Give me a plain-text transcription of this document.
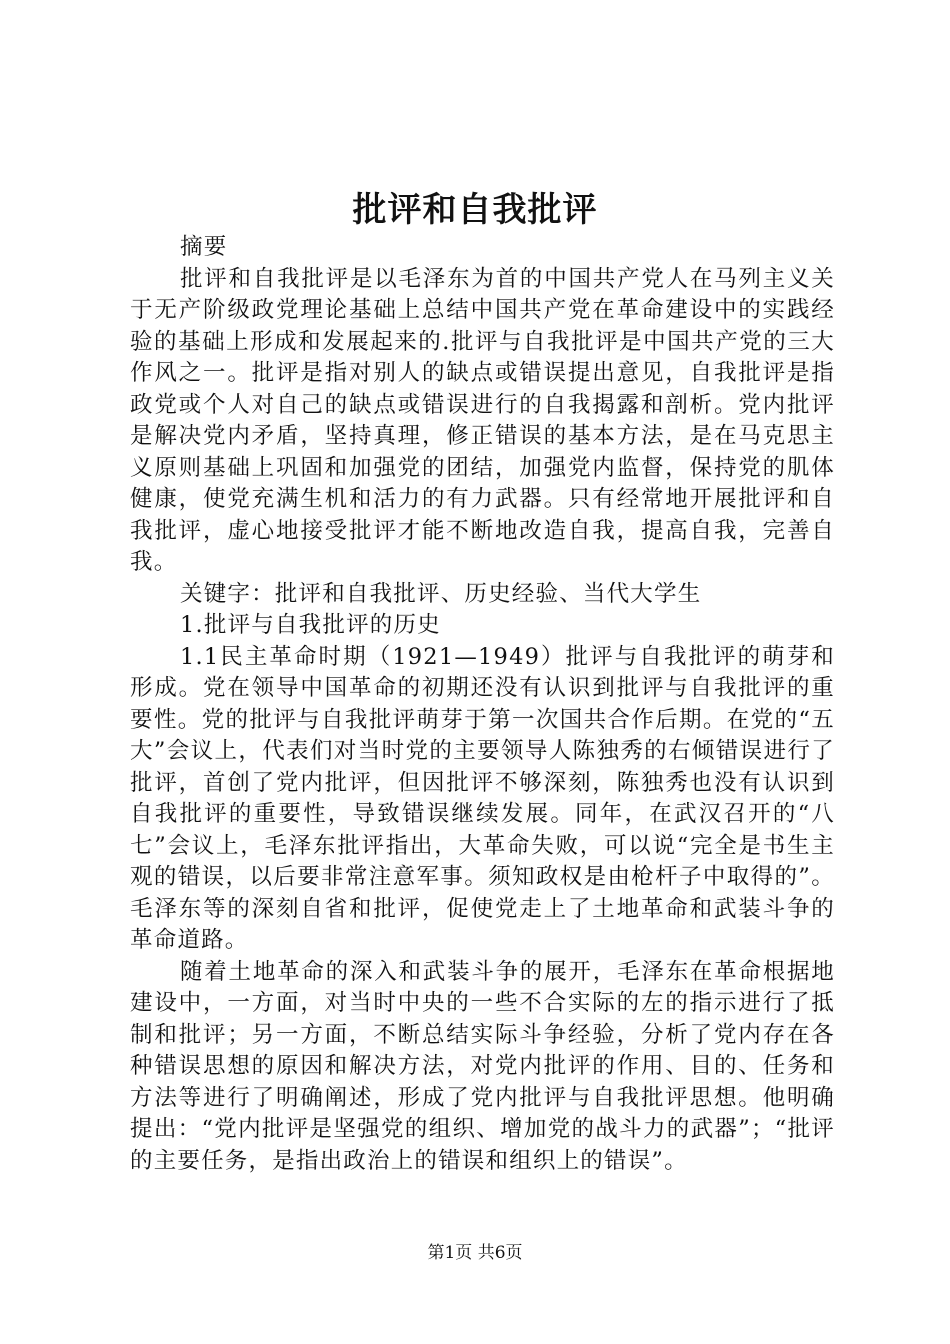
批评和自我批评

摘要

批评和自我批评是以毛泽东为首的中国共产党人在马列主义关于无产阶级政党理论基础上总结中国共产党在革命建设中的实践经验的基础上形成和发展起来的.批评与自我批评是中国共产党的三大作风之一。批评是指对别人的缺点或错误提出意见，自我批评是指政党或个人对自己的缺点或错误进行的自我揭露和剖析。党内批评是解决党内矛盾，坚持真理，修正错误的基本方法，是在马克思主义原则基础上巩固和加强党的团结，加强党内监督，保持党的肌体健康，使党充满生机和活力的有力武器。只有经常地开展批评和自我批评，虚心地接受批评才能不断地改造自我，提高自我，完善自我。

关键字：批评和自我批评、历史经验、当代大学生

1.批评与自我批评的历史

1.1民主革命时期（1921—1949）批评与自我批评的萌芽和形成。党在领导中国革命的初期还没有认识到批评与自我批评的重要性。党的批评与自我批评萌芽于第一次国共合作后期。在党的“五大”会议上，代表们对当时党的主要领导人陈独秀的右倾错误进行了批评，首创了党内批评，但因批评不够深刻，陈独秀也没有认识到自我批评的重要性，导致错误继续发展。同年，在武汉召开的“八七”会议上，毛泽东批评指出，大革命失败，可以说“完全是书生主观的错误，以后要非常注意军事。须知政权是由枪杆子中取得的”。毛泽东等的深刻自省和批评，促使党走上了土地革命和武装斗争的革命道路。

随着土地革命的深入和武装斗争的展开，毛泽东在革命根据地建设中，一方面，对当时中央的一些不合实际的左的指示进行了抵制和批评；另一方面，不断总结实际斗争经验，分析了党内存在各种错误思想的原因和解决方法，对党内批评的作用、目的、任务和方法等进行了明确阐述，形成了党内批评与自我批评思想。他明确提出：“党内批评是坚强党的组织、增加党的战斗力的武器”；“批评的主要任务，是指出政治上的错误和组织上的错误”。

第1页 共6页
